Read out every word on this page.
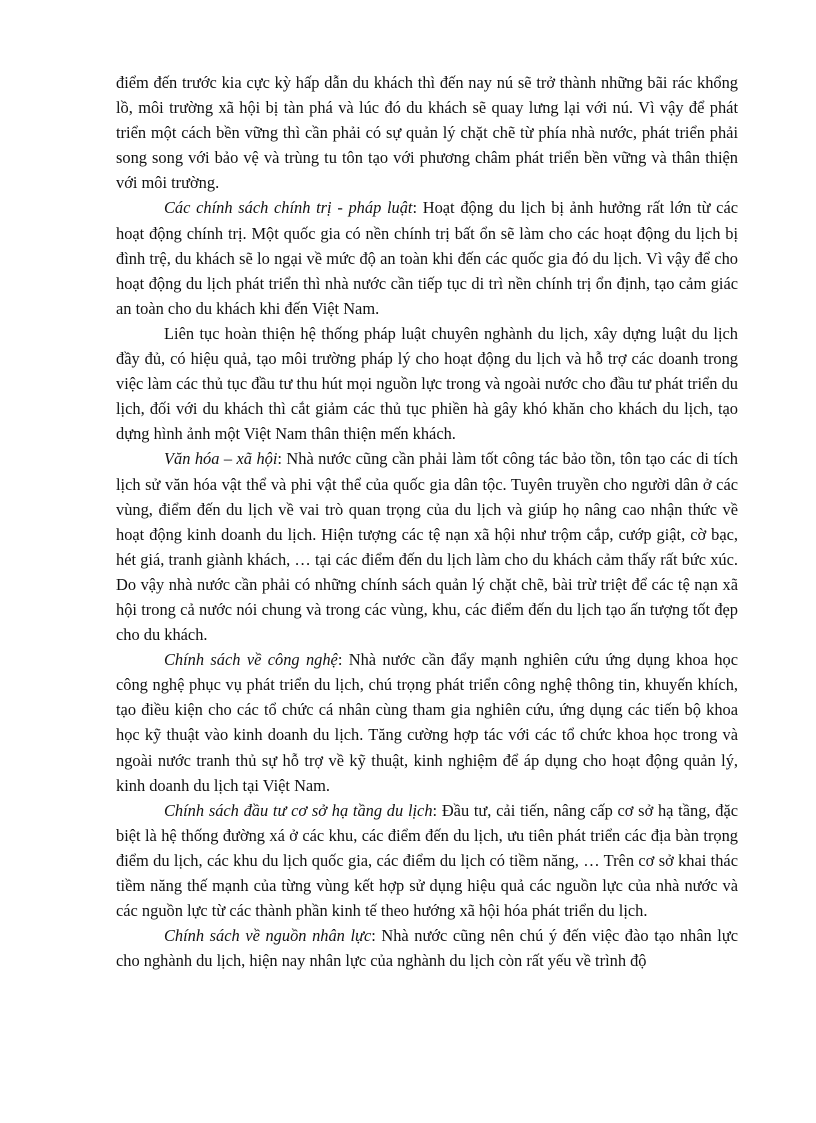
điểm đến trước kia cực kỳ hấp dẫn du khách thì đến nay nú sẽ trở thành những bãi rác khổng lồ, môi trường xã hội bị tàn phá và lúc đó du khách sẽ quay lưng lại với nú. Vì vậy để phát triển một cách bền vững thì cần phải có sự quản lý chặt chẽ từ phía nhà nước, phát triển phải song song với bảo vệ và trùng tu tôn tạo với phương châm phát triển bền vững và thân thiện với môi trường.

Các chính sách chính trị - pháp luật: Hoạt động du lịch bị ảnh hưởng rất lớn từ các hoạt động chính trị. Một quốc gia có nền chính trị bất ổn sẽ làm cho các hoạt động du lịch bị đình trệ, du khách sẽ lo ngại về mức độ an toàn khi đến các quốc gia đó du lịch. Vì vậy để cho hoạt động du lịch phát triển thì nhà nước cần tiếp tục di trì nền chính trị ổn định, tạo cảm giác an toàn cho du khách khi đến Việt Nam.

Liên tục hoàn thiện hệ thống pháp luật chuyên nghành du lịch, xây dựng luật du lịch đầy đủ, có hiệu quả, tạo môi trường pháp lý cho hoạt động du lịch và hỗ trợ các doanh trong việc làm các thủ tục đầu tư thu hút mọi nguồn lực trong và ngoài nước cho đầu tư phát triển du lịch, đối với du khách thì cắt giảm các thủ tục phiền hà gây khó khăn cho khách du lịch, tạo dựng hình ảnh một Việt Nam thân thiện mến khách.

Văn hóa – xã hội: Nhà nước cũng cần phải làm tốt công tác bảo tồn, tôn tạo các di tích lịch sử văn hóa vật thể và phi vật thể của quốc gia dân tộc. Tuyên truyền cho người dân ở các vùng, điểm đến du lịch về vai trò quan trọng của du lịch và giúp họ nâng cao nhận thức về hoạt động kinh doanh du lịch. Hiện tượng các tệ nạn xã hội như trộm cắp, cướp giật, cờ bạc, hét giá, tranh giành khách, … tại các điểm đến du lịch làm cho du khách cảm thấy rất bức xúc. Do vậy nhà nước cần phải có những chính sách quản lý chặt chẽ, bài trừ triệt để các tệ nạn xã hội trong cả nước nói chung và trong các vùng, khu, các điểm đến du lịch tạo ấn tượng tốt đẹp cho du khách.

Chính sách về công nghệ: Nhà nước cần đẩy mạnh nghiên cứu ứng dụng khoa học công nghệ phục vụ phát triển du lịch, chú trọng phát triển công nghệ thông tin, khuyến khích, tạo điều kiện cho các tổ chức cá nhân cùng tham gia nghiên cứu, ứng dụng các tiến bộ khoa học kỹ thuật vào kinh doanh du lịch. Tăng cường hợp tác với các tổ chức khoa học trong và ngoài nước tranh thủ sự hỗ trợ về kỹ thuật, kinh nghiệm để áp dụng cho hoạt động quản lý, kinh doanh du lịch tại Việt Nam.

Chính sách đầu tư cơ sở hạ tầng du lịch: Đầu tư, cải tiến, nâng cấp cơ sở hạ tầng, đặc biệt là hệ thống đường xá ở các khu, các điểm đến du lịch, ưu tiên phát triển các địa bàn trọng điểm du lịch, các khu du lịch quốc gia, các điểm du lịch có tiềm năng, … Trên cơ sở khai thác tiềm năng thế mạnh của từng vùng kết hợp sử dụng hiệu quả các nguồn lực của nhà nước và các nguồn lực từ các thành phần kinh tế theo hướng xã hội hóa phát triển du lịch.

Chính sách về nguồn nhân lực: Nhà nước cũng nên chú ý đến việc đào tạo nhân lực cho nghành du lịch, hiện nay nhân lực của nghành du lịch còn rất yếu về trình độ
